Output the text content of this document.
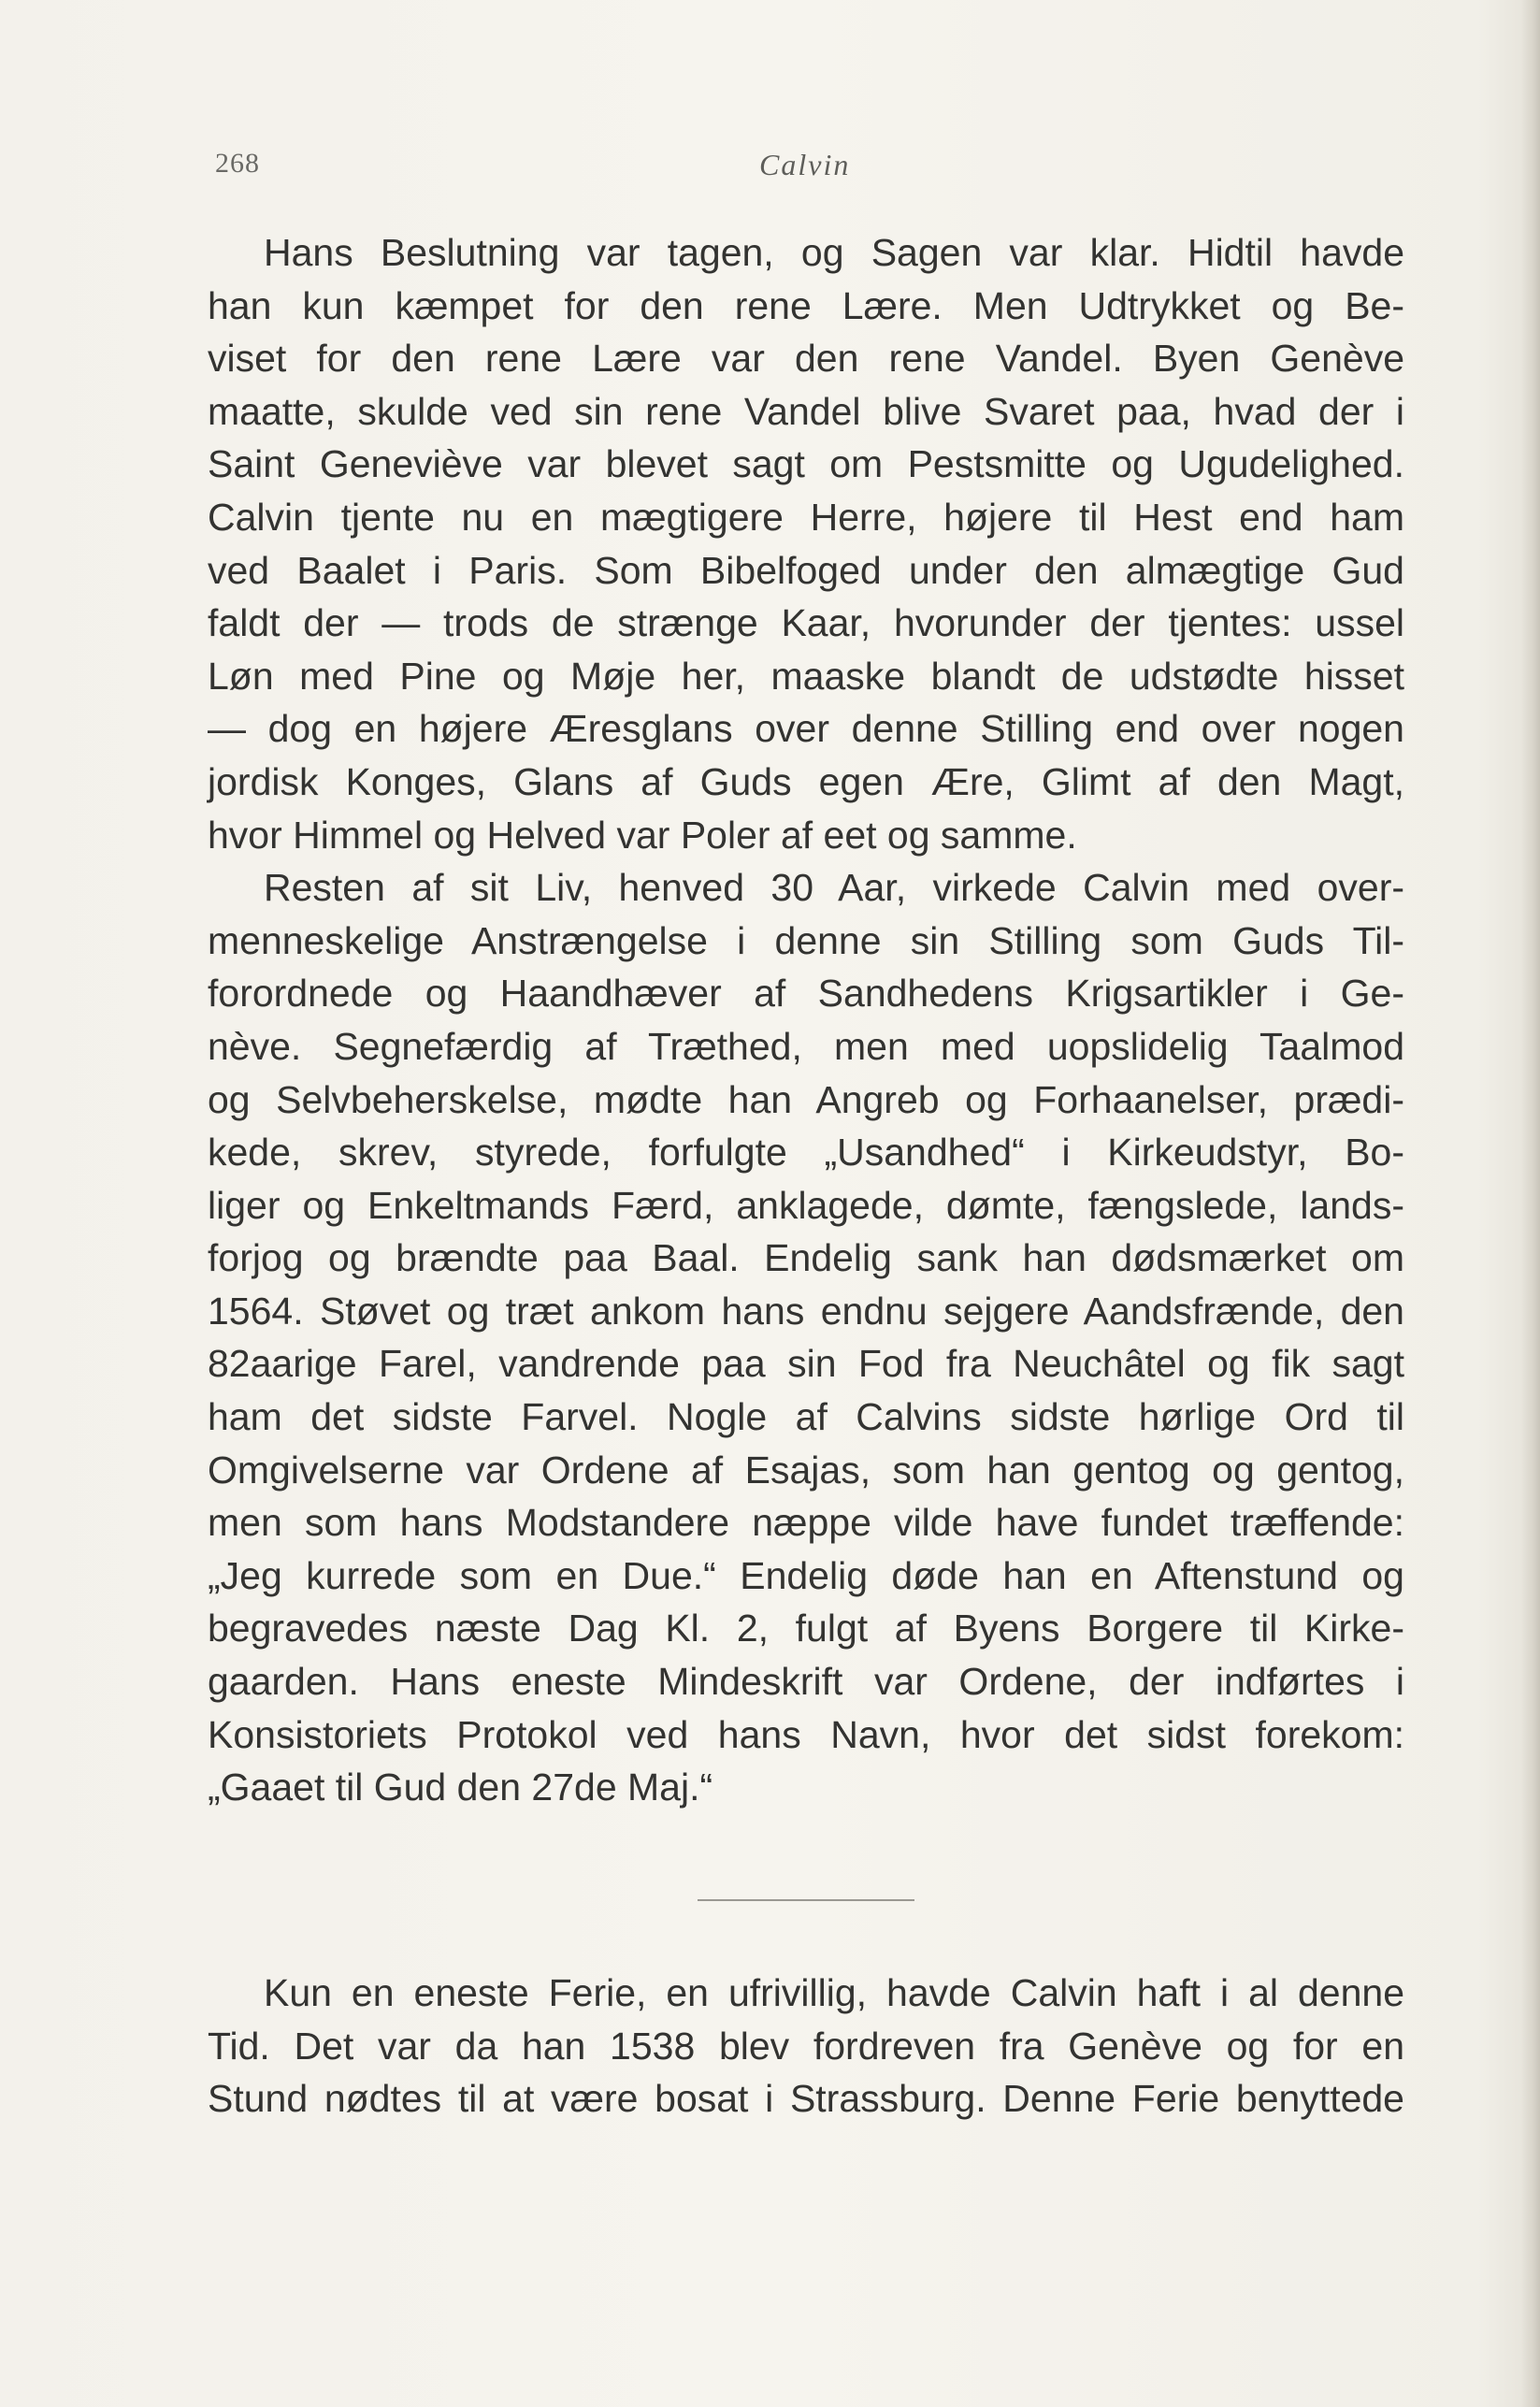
268	Calvin
Hans Beslutning var tagen, og Sagen var klar. Hidtil havde
han kun kæmpet for den rene Lære. Men Udtrykket og Be-
viset for den rene Lære var den rene Vandel. Byen Genève
maatte, skulde ved sin rene Vandel blive Svaret paa, hvad der i
Saint Geneviève var blevet sagt om Pestsmitte og Ugudelighed.
Calvin tjente nu en mægtigere Herre, højere til Hest end ham
ved Baalet i Paris. Som Bibelfoged under den almægtige Gud
faldt der — trods de strænge Kaar, hvorunder der tjentes: ussel
Løn med Pine og Møje her, maaske blandt de udstødte hisset
— dog en højere Æresglans over denne Stilling end over nogen
jordisk Konges, Glans af Guds egen Ære, Glimt af den Magt,
hvor Himmel og Helved var Poler af eet og samme.
Resten af sit Liv, henved 30 Aar, virkede Calvin med over-
menneskelige Anstrængelse i denne sin Stilling som Guds Til-
forordnede og Haandhæver af Sandhedens Krigsartikler i Ge-
nève. Segnefærdig af Træthed, men med uopslidelig Taalmod
og Selvbeherskelse, mødte han Angreb og Forhaanelser, prædi-
kede, skrev, styrede, forfulgte „Usandhed“ i Kirkeudstyr, Bo-
liger og Enkeltmands Færd, anklagede, dømte, fængslede, lands-
forjog og brændte paa Baal. Endelig sank han dødsmærket om
1564. Støvet og træt ankom hans endnu sejgere Aandsfrænde, den
82aarige Farel, vandrende paa sin Fod fra Neuchâtel og fik sagt
ham det sidste Farvel. Nogle af Calvins sidste hørlige Ord til
Omgivelserne var Ordene af Esajas, som han gentog og gentog,
men som hans Modstandere næppe vilde have fundet træffende:
„Jeg kurrede som en Due.“ Endelig døde han en Aftenstund og
begravedes næste Dag Kl. 2, fulgt af Byens Borgere til Kirke-
gaarden. Hans eneste Mindeskrift var Ordene, der indførtes i
Konsistoriets Protokol ved hans Navn, hvor det sidst forekom:
„Gaaet til Gud den 27de Maj.“
Kun en eneste Ferie, en ufrivillig, havde Calvin haft i al denne
Tid. Det var da han 1538 blev fordreven fra Genève og for en
Stund nødtes til at være bosat i Strassburg. Denne Ferie benyttede
